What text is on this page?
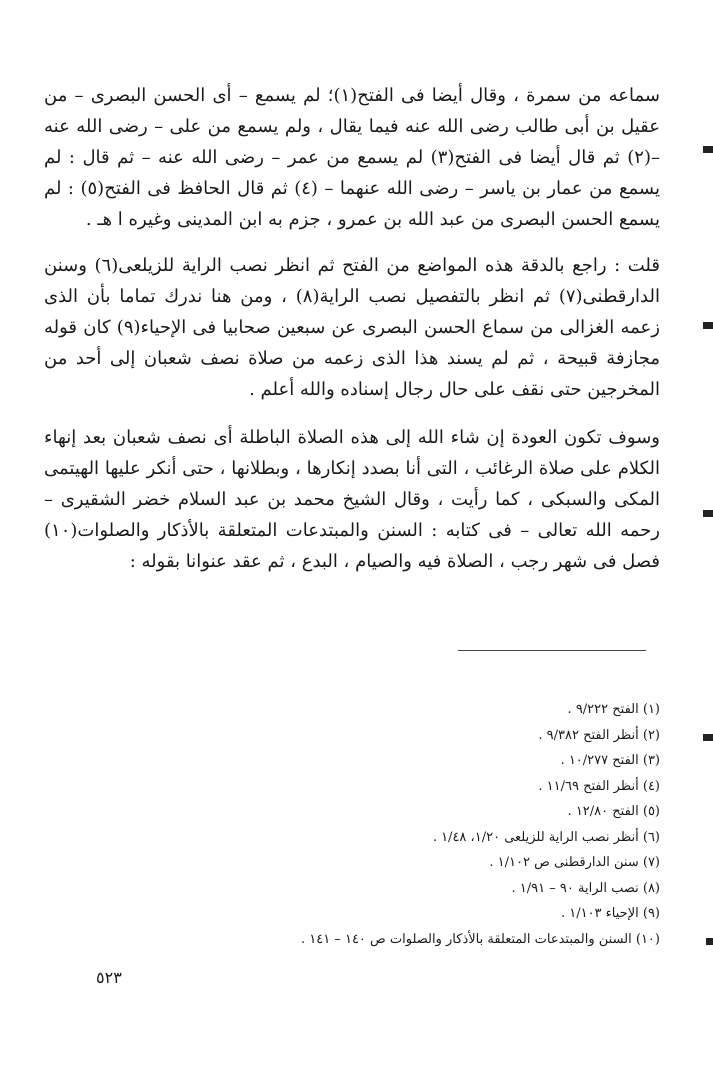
سماعه من سمرة ، وقال أيضا فى الفتح(١)؛ لم يسمع – أى الحسن البصرى – من عقيل بن أبى طالب رضى الله عنه فيما يقال ، ولم يسمع من على – رضى الله عنه –(٢) ثم قال أيضا فى الفتح(٣) لم يسمع من عمر – رضى الله عنه – ثم قال : لم يسمع من عمار بن ياسر – رضى الله عنهما – (٤) ثم قال الحافظ فى الفتح(٥) : لم يسمع الحسن البصرى من عبد الله بن عمرو ، جزم به ابن المدينى وغيره ا هـ .

قلت : راجع بالدقة هذه المواضع من الفتح ثم انظر نصب الراية للزيلعى(٦) وسنن الدارقطنى(٧) ثم انظر بالتفصيل نصب الراية(٨) ، ومن هنا ندرك تماما بأن الذى زعمه الغزالى من سماع الحسن البصرى عن سبعين صحابيا فى الإحياء(٩) كان قوله مجازفة قبيحة ، ثم لم يسند هذا الذى زعمه من صلاة نصف شعبان إلى أحد من المخرجين حتى نقف على حال رجال إسناده والله أعلم .

وسوف تكون العودة إن شاء الله إلى هذه الصلاة الباطلة أى نصف شعبان بعد إنهاء الكلام على صلاة الرغائب ، التى أنا بصدد إنكارها ، وبطلانها ، حتى أنكر عليها الهيتمى المكى والسبكى ، كما رأيت ، وقال الشيخ محمد بن عبد السلام خضر الشقيرى – رحمه الله تعالى – فى كتابه : السنن والمبتدعات المتعلقة بالأذكار والصلوات(١٠) فصل فى شهر رجب ، الصلاة فيه والصيام ، البدع ، ثم عقد عنوانا بقوله :

(١) الفتح ٩/٢٢٢ .
(٢) أنظر الفتح ٩/٣٨٢ .
(٣) الفتح ١٠/٢٧٧ .
(٤) أنظر الفتح ١١/٦٩ .
(٥) الفتح ١٢/٨٠ .
(٦) أنظر نصب الراية للزيلعى ١/٢٠، ١/٤٨ .
(٧) سنن الدارقطنى ص ١/١٠٢ .
(٨) نصب الراية ٩٠ – ١/٩١ .
(٩) الإحياء ١/١٠٣ .
(١٠) السنن والمبتدعات المتعلقة بالأذكار والصلوات ص ١٤٠ – ١٤١ .
٥٢٣
